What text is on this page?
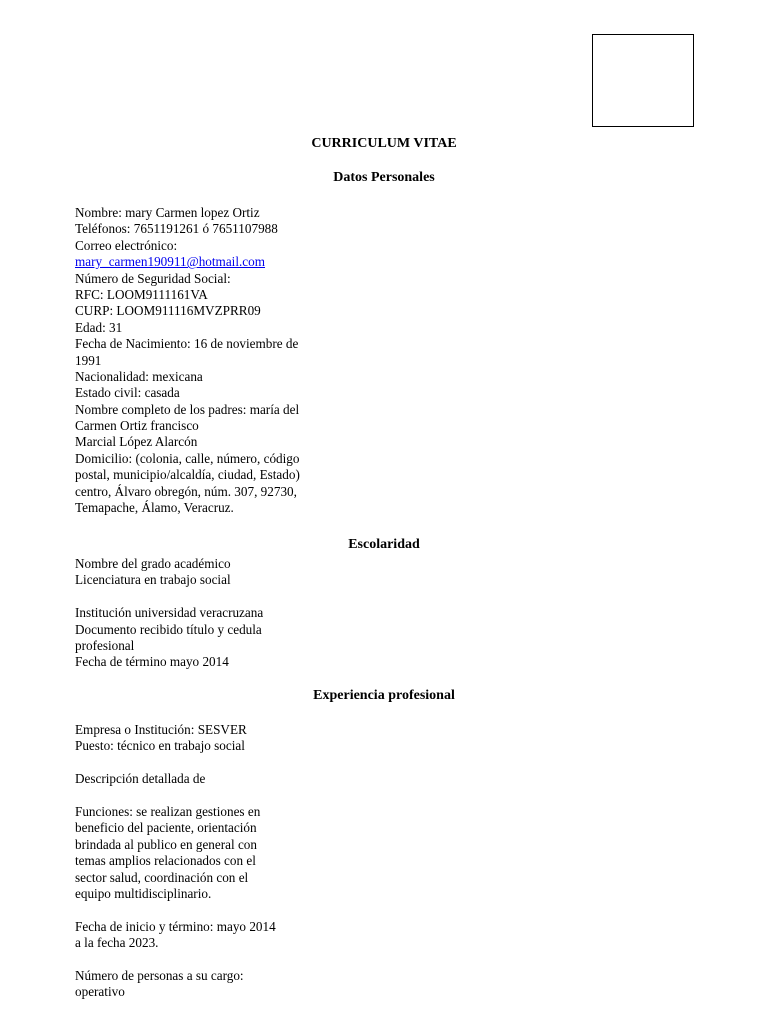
CURRICULUM VITAE
Datos Personales
Nombre: mary Carmen lopez Ortiz
Teléfonos: 7651191261 ó 7651107988
Correo electrónico:
mary_carmen190911@hotmail.com
Número de Seguridad Social:
RFC: LOOM9111161VA
CURP: LOOM911116MVZPRR09
Edad: 31
Fecha de Nacimiento: 16 de noviembre de
1991
Nacionalidad: mexicana
Estado civil: casada
Nombre completo de los padres: maría del
Carmen Ortiz francisco
Marcial López Alarcón
Domicilio: (colonia, calle, número, código
postal, municipio/alcaldía, ciudad, Estado)
centro, Álvaro obregón, núm. 307, 92730,
Temapache, Álamo, Veracruz.
Escolaridad
Nombre del grado académico
Licenciatura en trabajo social
Institución universidad veracruzana
Documento recibido título y cedula
profesional
Fecha de término mayo 2014
Experiencia profesional
Empresa o Institución: SESVER
Puesto: técnico en trabajo social
Descripción detallada de
Funciones: se realizan gestiones en
beneficio del paciente, orientación
brindada al publico en general con
temas amplios relacionados con el
sector salud, coordinación con el
equipo multidisciplinario.
Fecha de inicio y término: mayo 2014
a la fecha 2023.
Número de personas a su cargo:
operativo
